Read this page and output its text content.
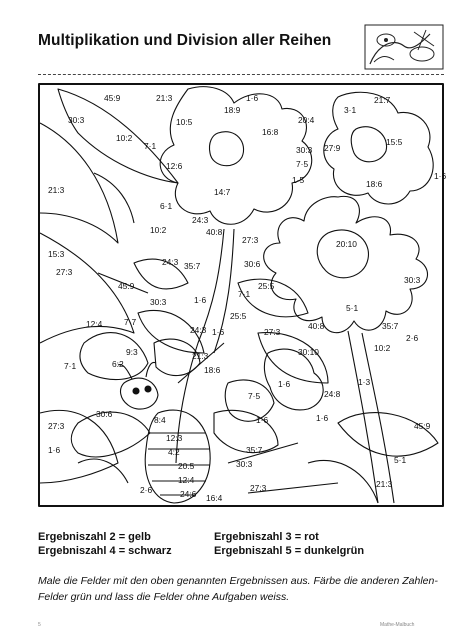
Multiplikation und Division aller Reihen
45:9	21:3	1·6	21:7
30:3	10:5
18:9
20:4
3·1
10:2
16:8
30:3 27:9
15:5
7·1
12:6	7·5
1·5
21:3	14:7
18:6
1·6
6·1
24:3
10:2	40:8
15:3
27:3	20:10
24:3 35:7	30:6
27:3
45:9	25:5
30:3
1·6
30:3
7·1
12:4
5·1
7·7
24:3 1·6
25:5
27:3
40:8
9:3
35:7
2·6
10:2
21:3
6:2
30:10
7·1	18:6
1·3
1·6
24:8
30:6
7·5
8:4
27:3
12:3
4:2
1·6	1·6
45:9
1·6
20:5	30:3
35:7
12:4
24:6 16:4
2·6	27:3	21:3
5·1
Ergebniszahl 2 = gelb	Ergebniszahl 3 = rot
Ergebniszahl 4 = schwarz	Ergebniszahl 5 = dunkelgrün
Male die Felder mit den oben genannten Ergebnissen aus. Färbe die anderen Zahlen-Felder grün und lass die Felder ohne Aufgaben weiss.
5	Mathe-Malbuch
